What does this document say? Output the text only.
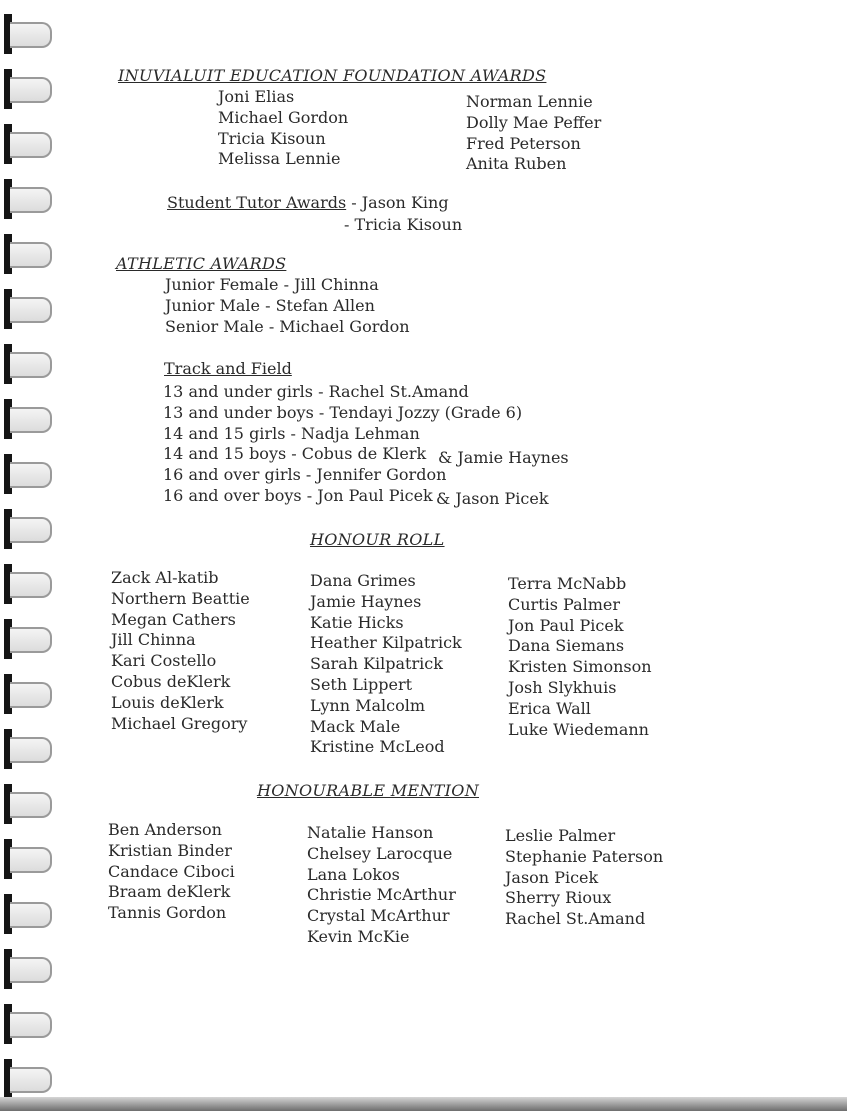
INUVIALUIT EDUCATION FOUNDATION AWARDS
Joni Elias
Michael Gordon
Tricia Kisoun
Melissa Lennie
Norman Lennie
Dolly Mae Peffer
Fred Peterson
Anita Ruben
Student Tutor Awards - Jason King
- Tricia Kisoun
ATHLETIC AWARDS
Junior Female - Jill Chinna
Junior Male - Stefan Allen
Senior Male - Michael Gordon
Track and Field
13 and under girls - Rachel St.Amand
13 and under boys - Tendayi Jozzy (Grade 6)
14 and 15 girls - Nadja Lehman
14 and 15 boys - Cobus de Klerk
16 and over girls - Jennifer Gordon
16 and over boys - Jon Paul Picek
& Jamie Haynes
& Jason Picek
HONOUR ROLL
Zack Al-katib
Northern Beattie
Megan Cathers
Jill Chinna
Kari Costello
Cobus deKlerk
Louis deKlerk
Michael Gregory
Dana Grimes
Jamie Haynes
Katie Hicks
Heather Kilpatrick
Sarah Kilpatrick
Seth Lippert
Lynn Malcolm
Mack Male
Kristine McLeod
Terra McNabb
Curtis Palmer
Jon Paul Picek
Dana Siemans
Kristen Simonson
Josh Slykhuis
Erica Wall
Luke Wiedemann
HONOURABLE MENTION
Ben Anderson
Kristian Binder
Candace Ciboci
Braam deKlerk
Tannis Gordon
Natalie Hanson
Chelsey Larocque
Lana Lokos
Christie McArthur
Crystal McArthur
Kevin McKie
Leslie Palmer
Stephanie Paterson
Jason Picek
Sherry Rioux
Rachel St.Amand
